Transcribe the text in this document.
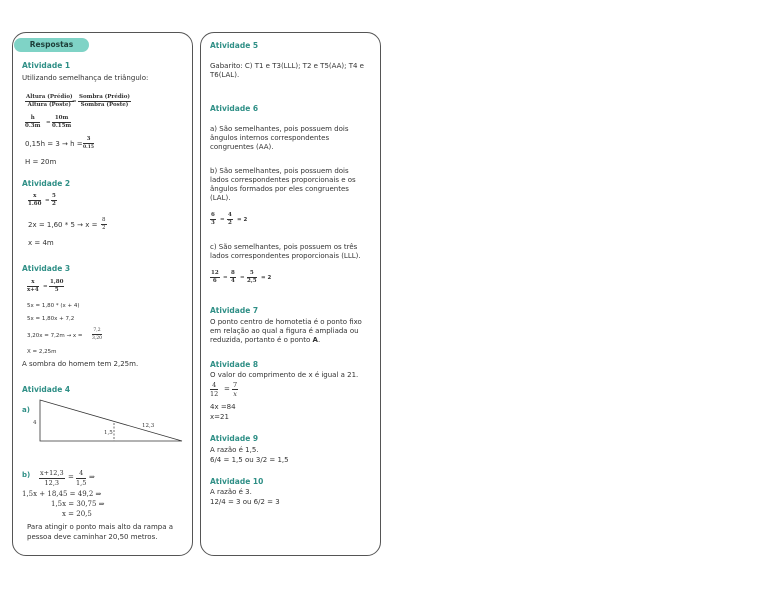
Respostas
Atividade 1
Utilizando semelhança de triângulo:
Altura (Prédio)
Altura (Poste) =
Sombra (Prédio)
Sombra (Poste)
h
0.3m =
10m
0.15m
0,15h = 3 → h =
3
0.15
H = 20m
Atividade 2
x
1.60 =
5
2
2x = 1,60 * 5 → x =
8
2
x = 4m
Atividade 3
x
x+4 =
1,80
5
5x = 1,80 * (x + 4)
5x = 1,80x + 7,2
3,20x = 7,2m → x =
7,2
3,20
X = 2,25m
A sombra do homem tem 2,25m.
Atividade 4
a)
4
1,5
12,3
b) x+12,3
12,3
= 4
1,5
⇒
1,5x + 18,45 = 49,2 ⇒
1,5x = 30,75 ⇒
x = 20,5
Para atingir o ponto mais alto da rampa a
pessoa deve caminhar 20,50 metros.
Atividade 5
Gabarito: C) T1 e T3(LLL); T2 e T5(AA); T4 e T6(LAL).
Atividade 6
a) São semelhantes, pois possuem dois ângulos internos correspondentes congruentes (AA).
b) São semelhantes, pois possuem dois lados correspondentes proporcionais e os ângulos formados por eles congruentes (LAL).
6
3 =
4
2 = 2
c) São semelhantes, pois possuem os três lados correspondentes proporcionais (LLL).
12
6	=
8
4 =
5
2,5 = 2
Atividade 7
O ponto centro de homotetia é o ponto fixo em relação ao qual a figura é ampliada ou reduzida, portanto é o ponto A.
Atividade 8
O valor do comprimento de x é igual a 21.
4
12
= 7
x
4x =84
x=21
Atividade 9
A razão é 1,5.
6/4 = 1,5 ou 3/2 = 1,5
Atividade 10
A razão é 3.
12/4 = 3 ou 6/2 = 3
